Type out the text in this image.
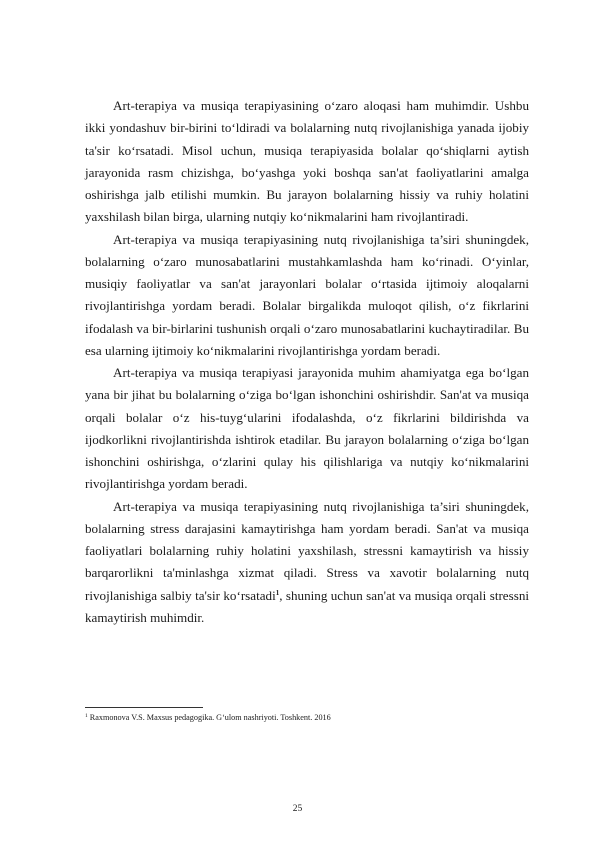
Art-terapiya va musiqa terapiyasining o‘zaro aloqasi ham muhimdir. Ushbu ikki yondashuv bir-birini to‘ldiradi va bolalarning nutq rivojlanishiga yanada ijobiy ta'sir ko‘rsatadi. Misol uchun, musiqa terapiyasida bolalar qo‘shiqlarni aytish jarayonida rasm chizishga, bo‘yashga yoki boshqa san'at faoliyatlarini amalga oshirishga jalb etilishi mumkin. Bu jarayon bolalarning hissiy va ruhiy holatini yaxshilash bilan birga, ularning nutqiy ko‘nikmalarini ham rivojlantiradi.

Art-terapiya va musiqa terapiyasining nutq rivojlanishiga ta’siri shuningdek, bolalarning o‘zaro munosabatlarini mustahkamlashda ham ko‘rinadi. O‘yinlar, musiqiy faoliyatlar va san'at jarayonlari bolalar o‘rtasida ijtimoiy aloqalarni rivojlantirishga yordam beradi. Bolalar birgalikda muloqot qilish, o‘z fikrlarini ifodalash va bir-birlarini tushunish orqali o‘zaro munosabatlarini kuchaytiradilar. Bu esa ularning ijtimoiy ko‘nikmalarini rivojlantirishga yordam beradi.

Art-terapiya va musiqa terapiyasi jarayonida muhim ahamiyatga ega bo‘lgan yana bir jihat bu bolalarning o‘ziga bo‘lgan ishonchini oshirishdir. San'at va musiqa orqali bolalar o‘z his-tuyg‘ularini ifodalashda, o‘z fikrlarini bildirishda va ijodkorlikni rivojlantirishda ishtirok etadilar. Bu jarayon bolalarning o‘ziga bo‘lgan ishonchini oshirishga, o‘zlarini qulay his qilishlariga va nutqiy ko‘nikmalarini rivojlantirishga yordam beradi.

Art-terapiya va musiqa terapiyasining nutq rivojlanishiga ta’siri shuningdek, bolalarning stress darajasini kamaytirishga ham yordam beradi. San'at va musiqa faoliyatlari bolalarning ruhiy holatini yaxshilash, stressni kamaytirish va hissiy barqarorlikni ta'minlashga xizmat qiladi. Stress va xavotir bolalarning nutq rivojlanishiga salbiy ta'sir ko‘rsatadi$^1$, shuning uchun san'at va musiqa orqali stressni kamaytirish muhimdir.

$^1$ Raxmonova V.S. Maxsus pedagogika. G‘ulom nashriyoti. Toshkent. 2016
25
